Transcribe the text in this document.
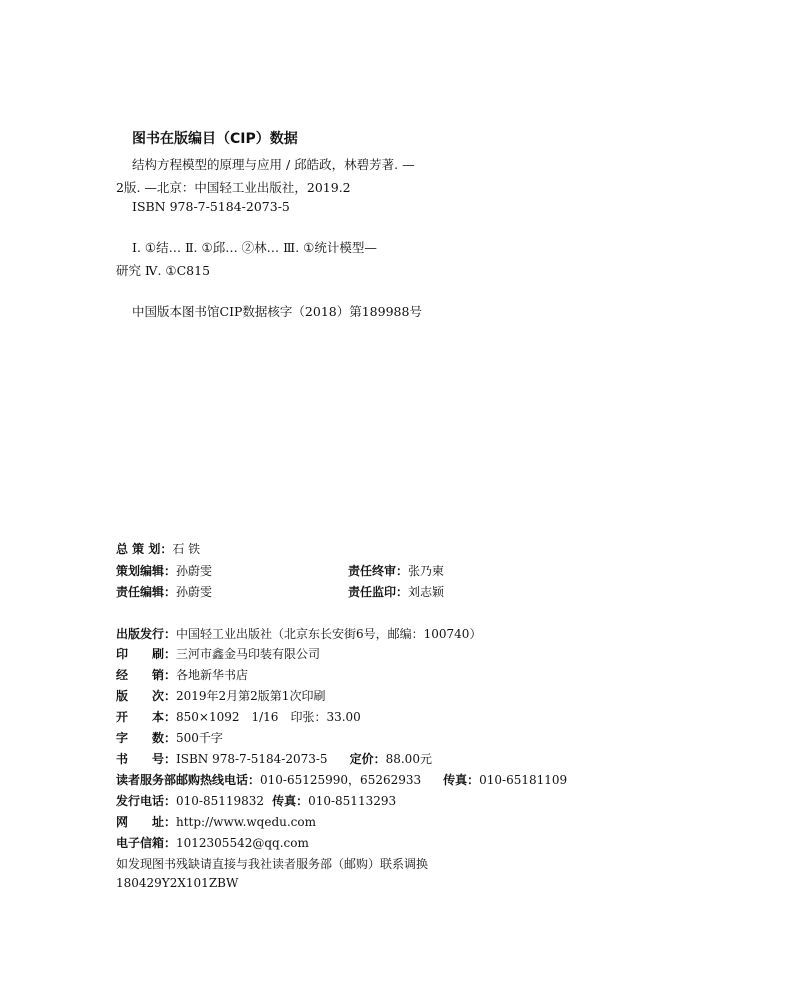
图书在版编目（CIP）数据
结构方程模型的原理与应用 / 邱皓政，林碧芳著. —
2版. —北京：中国轻工业出版社，2019.2
ISBN 978-7-5184-2073-5
Ⅰ. ①结… Ⅱ. ①邱… ②林… Ⅲ. ①统计模型—
研究 Ⅳ. ①C815
中国版本图书馆CIP数据核字（2018）第189988号
总 策 划：石 铁
策划编辑：孙蔚雯	责任终审：张乃柬
责任编辑：孙蔚雯	责任监印：刘志颖
出版发行：中国轻工业出版社（北京东长安街6号，邮编：100740）
印　　刷：三河市鑫金马印装有限公司
经　　销：各地新华书店
版　　次：2019年2月第2版第1次印刷
开　　本：850×1092　1/16　印张：33.00
字　　数：500千字
书　　号：ISBN 978-7-5184-2073-5 定价：88.00元
读者服务部邮购热线电话：010-65125990，65262933 传真：010-65181109
发行电话：010-85119832 传真：010-85113293
网　　址：http://www.wqedu.com
电子信箱：1012305542@qq.com
如发现图书残缺请直接与我社读者服务部（邮购）联系调换
180429Y2X101ZBW
